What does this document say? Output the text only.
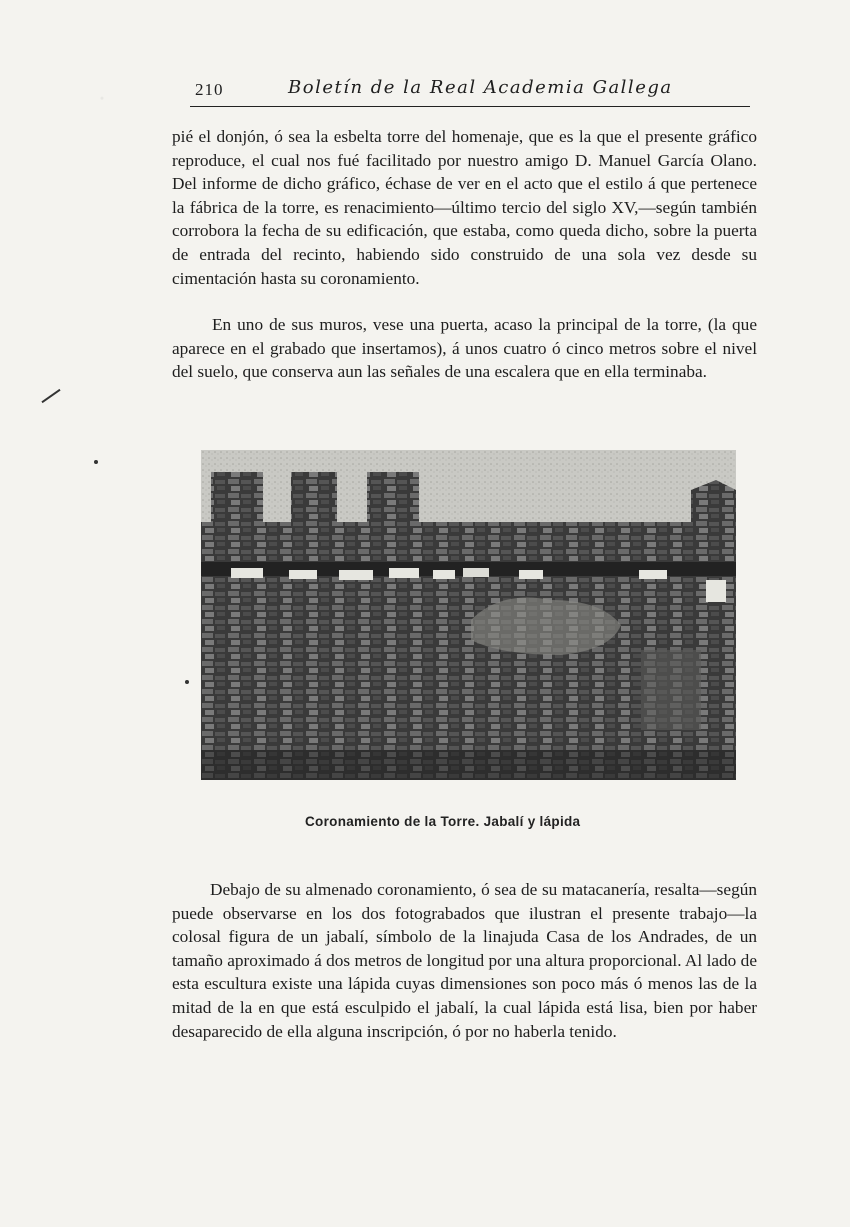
210	Boletín de la Real Academia Gallega

pié el donjón, ó sea la esbelta torre del homenaje, que es la que el presente gráfico reproduce, el cual nos fué facilitado por nuestro amigo D. Manuel García Olano. Del informe de dicho gráfico, échase de ver en el acto que el estilo á que pertenece la fábrica de la torre, es renacimiento—último tercio del siglo XV,—según también corrobora la fecha de su edificación, que estaba, como queda dicho, sobre la puerta de entrada del recinto, habiendo sido construido de una sola vez desde su cimentación hasta su coronamiento.

En uno de sus muros, vese una puerta, acaso la principal de la torre, (la que aparece en el grabado que insertamos), á unos cuatro ó cinco metros sobre el nivel del suelo, que conserva aun las señales de una escalera que en ella terminaba.

Coronamiento de la Torre. Jabalí y lápida

Debajo de su almenado coronamiento, ó sea de su matacanería, resalta—según puede observarse en los dos fotograbados que ilustran el presente trabajo—la colosal figura de un jabalí, símbolo de la linajuda Casa de los Andrades, de un tamaño aproximado á dos metros de longitud por una altura proporcional. Al lado de esta escultura existe una lápida cuyas dimensiones son poco más ó menos las de la mitad de la en que está esculpido el jabalí, la cual lápida está lisa, bien por haber desaparecido de ella alguna inscripción, ó por no haberla tenido.
